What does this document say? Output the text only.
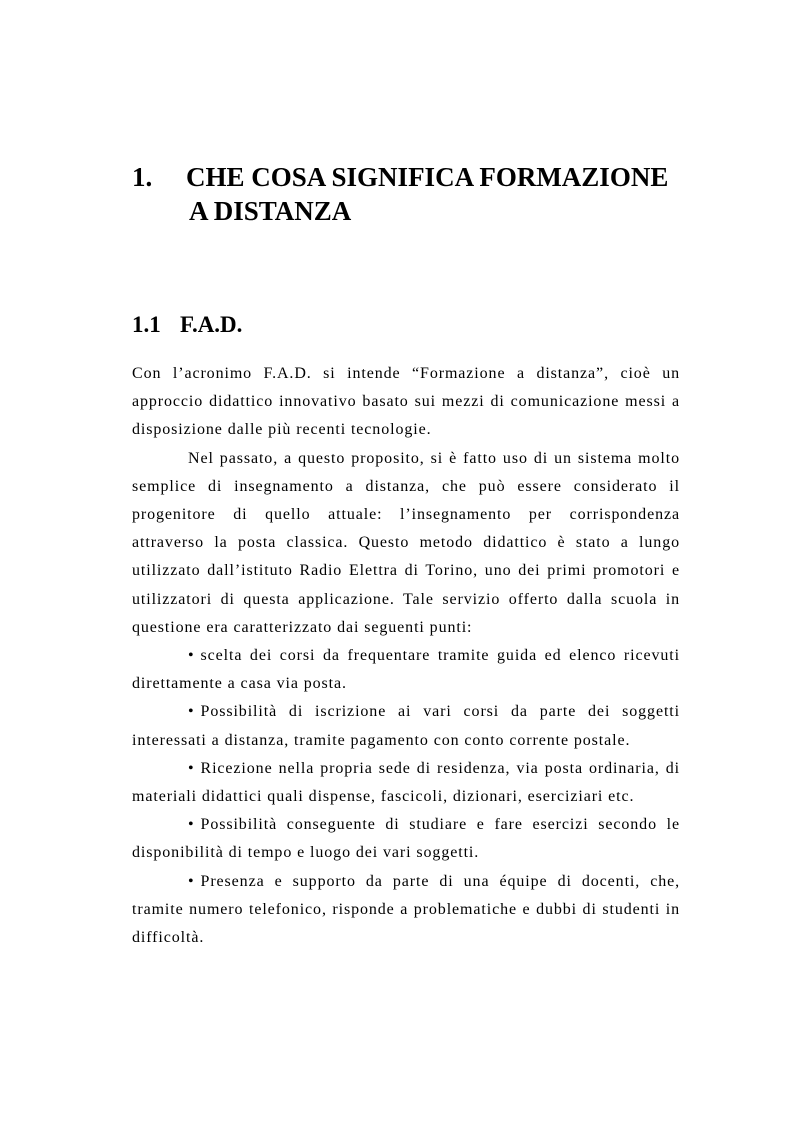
1. CHE COSA SIGNIFICA FORMAZIONE
A DISTANZA
1.1 F.A.D.

Con l’acronimo F.A.D. si intende “Formazione a distanza”, cioè un approccio didattico innovativo basato sui mezzi di comunicazione messi a disposizione dalle più recenti tecnologie.

Nel passato, a questo proposito, si è fatto uso di un sistema molto semplice di insegnamento a distanza, che può essere considerato il progenitore di quello attuale: l’insegnamento per corrispondenza attraverso la posta classica. Questo metodo didattico è stato a lungo utilizzato dall’istituto Radio Elettra di Torino, uno dei primi promotori e utilizzatori di questa applicazione. Tale servizio offerto dalla scuola in questione era caratterizzato dai seguenti punti:

• scelta dei corsi da frequentare tramite guida ed elenco ricevuti direttamente a casa via posta.

• Possibilità di iscrizione ai vari corsi da parte dei soggetti interessati a distanza, tramite pagamento con conto corrente postale.

• Ricezione nella propria sede di residenza, via posta ordinaria, di materiali didattici quali dispense, fascicoli, dizionari, eserciziari etc.

• Possibilità conseguente di studiare e fare esercizi secondo le disponibilità di tempo e luogo dei vari soggetti.

• Presenza e supporto da parte di una équipe di docenti, che, tramite numero telefonico, risponde a problematiche e dubbi di studenti in difficoltà.
